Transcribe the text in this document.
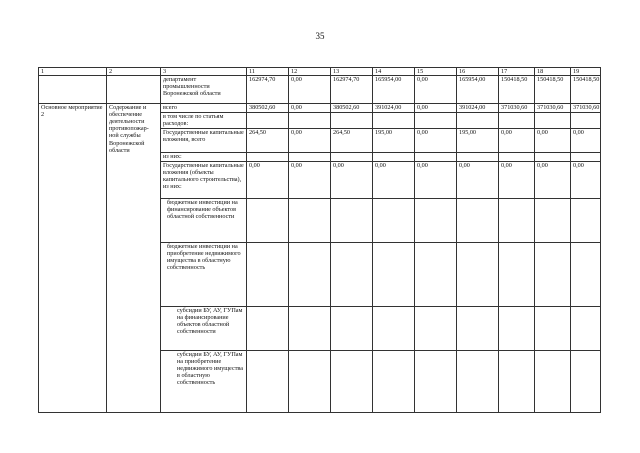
35
1	2	3	11	12	13	14	15	16	17	18	19
		департамент промышленности Воронежской области	162974,70	0,00	162974,70	165954,00	0,00	165954,00	150418,50	150418,50	150418,50
Основное мероприятие 2	Содержание и обеспечение деятельности противопожар-ной службы Воронежской области	всего	380502,60	0,00	380502,60	391024,00	0,00	391024,00	371030,60	371030,60	371030,60
		в том числе по статьям расходов:									
		Государственные капитальные вложения, всего	264,50	0,00	264,50	195,00	0,00	195,00	0,00	0,00	0,00
		из них:									
		Государственные капитальные вложения (объекты капитального строительства), из них:	0,00	0,00	0,00	0,00	0,00	0,00	0,00	0,00	0,00
		бюджетные инвестиции на финансирование объектов областной собственности									
		бюджетные инвестиции на приобретение недвижимого имущества в областную собственность									
		субсидии БУ, АУ, ГУПам на финансирование объектов областной собственности									
		субсидии БУ, АУ, ГУПам на приобретение недвижимого имущества в областную собственность									
